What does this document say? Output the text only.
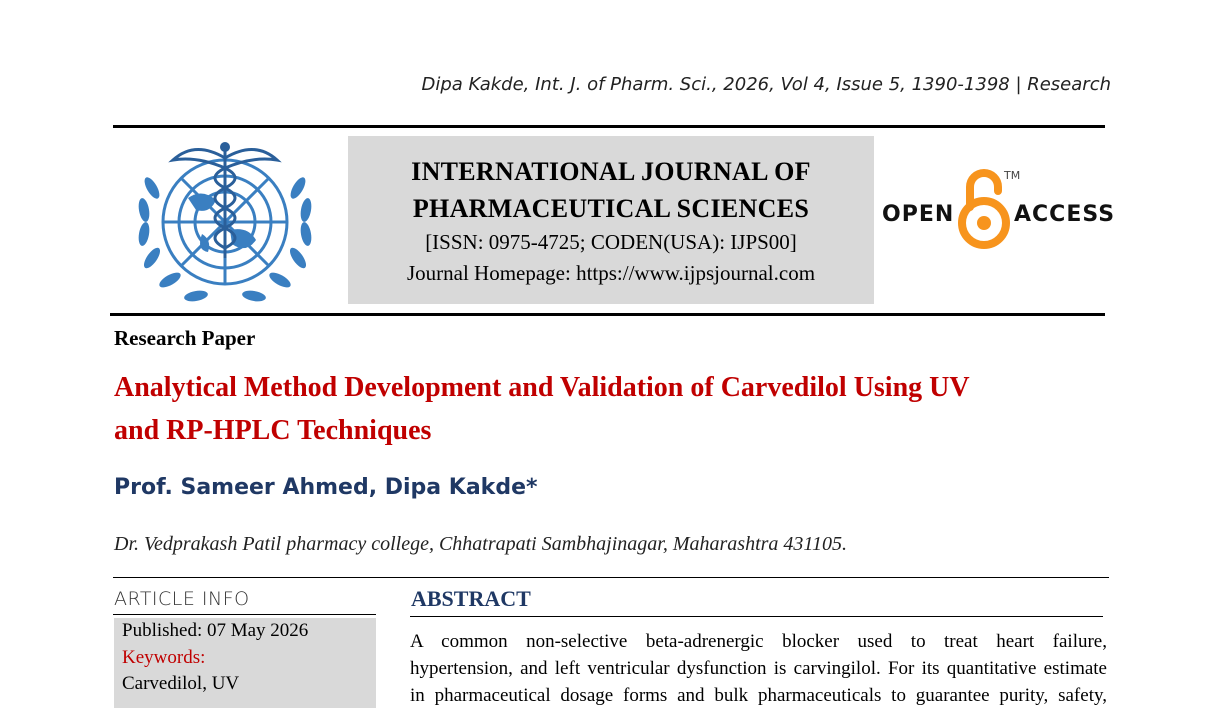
Dipa Kakde, Int. J. of Pharm. Sci., 2026, Vol 4, Issue 5, 1390-1398 | Research
INTERNATIONAL JOURNAL OF
PHARMACEUTICAL SCIENCES
[ISSN: 0975-4725; CODEN(USA): IJPS00]
Journal Homepage: https://www.ijpsjournal.com
OPEN
TM
ACCESS
Research Paper
Analytical Method Development and Validation of Carvedilol Using UV
and RP-HPLC Techniques
Prof. Sameer Ahmed, Dipa Kakde*
Dr. Vedprakash Patil pharmacy college, Chhatrapati Sambhajinagar, Maharashtra 431105.
ARTICLE INFO
Published: 07 May 2026
Keywords:
Carvedilol, UV
ABSTRACT
A common non-selective beta-adrenergic blocker used to treat heart failure,
hypertension, and left ventricular dysfunction is carvingilol. For its quantitative estimate
in pharmaceutical dosage forms and bulk pharmaceuticals to guarantee purity, safety,
